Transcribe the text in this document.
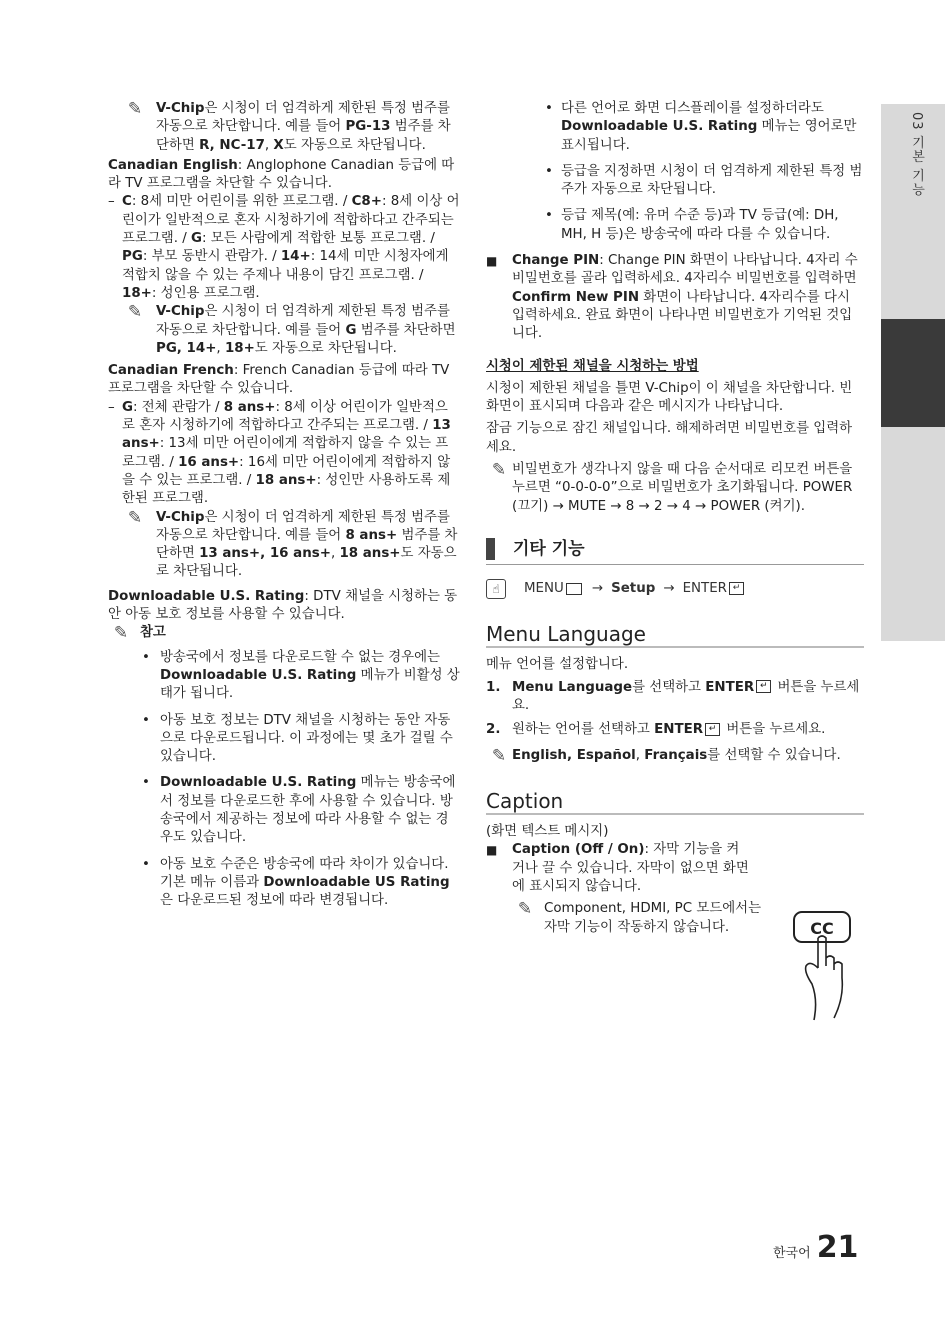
✎	V-Chip은 시청이 더 엄격하게 제한된 특정 범주를 자동으로 차단합니다. 예를 들어 PG-13 범주를 차단하면 R, NC-17, X도 자동으로 차단됩니다.

Canadian English: Anglophone Canadian 등급에 따라 TV 프로그램을 차단할 수 있습니다.

– C: 8세 미만 어린이를 위한 프로그램. / C8+: 8세 이상 어린이가 일반적으로 혼자 시청하기에 적합하다고 간주되는 프로그램. / G: 모든 사람에게 적합한 보통 프로그램. / PG: 부모 동반시 관람가. / 14+: 14세 미만 시청자에게 적합치 않을 수 있는 주제나 내용이 담긴 프로그램. / 18+: 성인용 프로그램.

✎	V-Chip은 시청이 더 엄격하게 제한된 특정 범주를 자동으로 차단합니다. 예를 들어 G 범주를 차단하면 PG, 14+, 18+도 자동으로 차단됩니다.

Canadian French: French Canadian 등급에 따라 TV 프로그램을 차단할 수 있습니다.

– G: 전체 관람가 / 8 ans+: 8세 이상 어린이가 일반적으로 혼자 시청하기에 적합하다고 간주되는 프로그램. / 13 ans+: 13세 미만 어린이에게 적합하지 않을 수 있는 프로그램. / 16 ans+: 16세 미만 어린이에게 적합하지 않을 수 있는 프로그램. / 18 ans+: 성인만 사용하도록 제한된 프로그램.

✎	V-Chip은 시청이 더 엄격하게 제한된 특정 범주를 자동으로 차단합니다. 예를 들어 8 ans+ 범주를 차단하면 13 ans+, 16 ans+, 18 ans+도 자동으로 차단됩니다.

Downloadable U.S. Rating: DTV 채널을 시청하는 동안 아동 보호 정보를 사용할 수 있습니다.

✎ 참고
• 방송국에서 정보를 다운로드할 수 없는 경우에는 Downloadable U.S. Rating 메뉴가 비활성 상태가 됩니다.

• 아동 보호 정보는 DTV 채널을 시청하는 동안 자동으로 다운로드됩니다. 이 과정에는 몇 초가 걸릴 수 있습니다.

• Downloadable U.S. Rating 메뉴는 방송국에서 정보를 다운로드한 후에 사용할 수 있습니다. 방송국에서 제공하는 정보에 따라 사용할 수 없는 경우도 있습니다.

• 아동 보호 수준은 방송국에 따라 차이가 있습니다. 기본 메뉴 이름과 Downloadable US Rating은 다운로드된 정보에 따라 변경됩니다.

• 다른 언어로 화면 디스플레이를 설정하더라도 Downloadable U.S. Rating 메뉴는 영어로만 표시됩니다.

• 등급을 지정하면 시청이 더 엄격하게 제한된 특정 범주가 자동으로 차단됩니다.

• 등급 제목(예: 유머 수준 등)과 TV 등급(예: DH, MH, H 등)은 방송국에 따라 다를 수 있습니다.

■ Change PIN: Change PIN 화면이 나타납니다. 4자리 수 비밀번호를 골라 입력하세요. 4자리수 비밀번호를 입력하면 Confirm New PIN 화면이 나타납니다. 4자리수를 다시 입력하세요. 완료 화면이 나타나면 비밀번호가 기억된 것입니다.

시청이 제한된 채널을 시청하는 방법

시청이 제한된 채널을 틀면 V-Chip이 이 채널을 차단합니다. 빈 화면이 표시되며 다음과 같은 메시지가 나타납니다.

잠금 기능으로 잠긴 채널입니다. 해제하려면 비밀번호를 입력하세요.

✎ 비밀번호가 생각나지 않을 때 다음 순서대로 리모컨 버튼을 누르면 “0-0-0-0”으로 비밀번호가 초기화됩니다. POWER (끄기) → MUTE → 8 → 2 → 4 → POWER (켜기).

기타 기능
☝	MENU → Setup → ENTER ↵
Menu Language

메뉴 언어를 설정합니다.

1. Menu Language를 선택하고 ENTER ↵ 버튼을 누르세요.

2. 원하는 언어를 선택하고 ENTER ↵ 버튼을 누르세요.

✎ English, Español, Français를 선택할 수 있습니다.

Caption

(화면 텍스트 메시지)

■ Caption (Off / On): 자막 기능을 켜거나 끌 수 있습니다. 자막이 없으면 화면에 표시되지 않습니다.

✎ Component, HDMI, PC 모드에서는 자막 기능이 작동하지 않습니다.	CC
03 기본 기능
한국어 21
